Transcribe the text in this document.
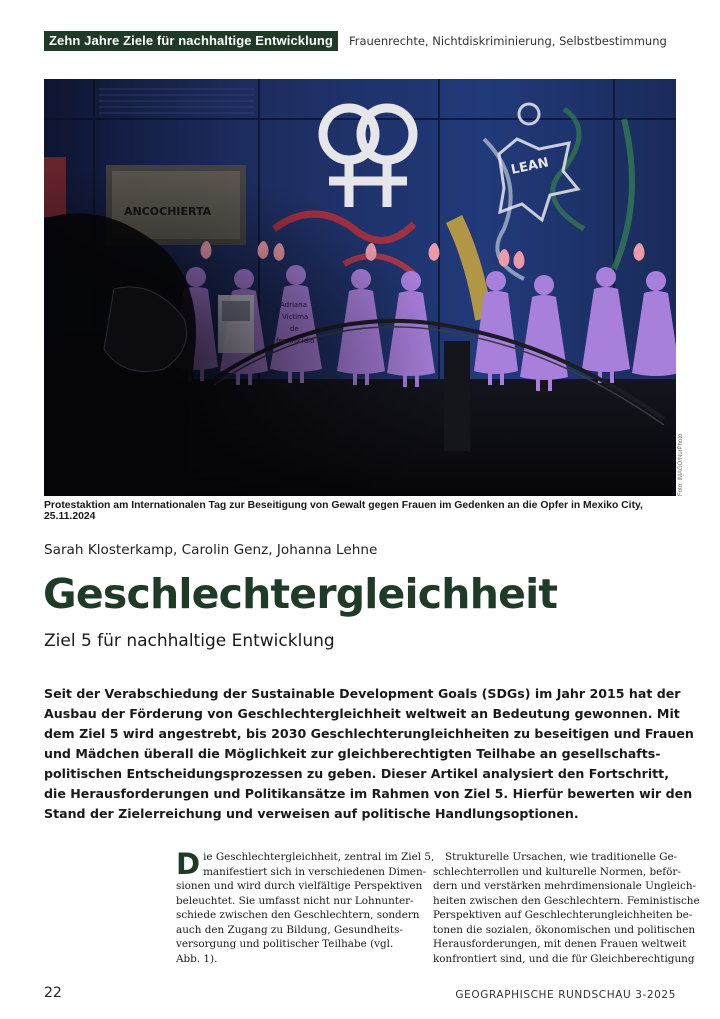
Zehn Jahre Ziele für nachhaltige Entwicklung	Frauenrechte, Nichtdiskriminierung, Selbstbestimmung
Foto: IMAGO/NurPhoto
Protestaktion am Internationalen Tag zur Beseitigung von Gewalt gegen Frauen im Gedenken an die Opfer in Mexiko City, 25.11.2024
Sarah Klosterkamp, Carolin Genz, Johanna Lehne
Geschlechtergleichheit
Ziel 5 für nachhaltige Entwicklung
Seit der Verabschiedung der Sustainable Development Goals (SDGs) im Jahr 2015 hat der
Ausbau der Förderung von Geschlechtergleichheit weltweit an Bedeutung gewonnen. Mit
dem Ziel 5 wird angestrebt, bis 2030 Geschlechterungleichheiten zu beseitigen und Frauen
und Mädchen überall die Möglichkeit zur gleichberechtigten Teilhabe an gesellschafts-
politischen Entscheidungsprozessen zu geben. Dieser Artikel analysiert den Fortschritt,
die Herausforderungen und Politikansätze im Rahmen von Ziel 5. Hierfür bewerten wir den
Stand der Zielerreichung und verweisen auf politische Handlungsoptionen.
D ie Geschlechtergleichheit, zentral im Ziel 5,
manifestiert sich in verschiedenen Dimen-
sionen und wird durch vielfältige Perspektiven
beleuchtet. Sie umfasst nicht nur Lohnunter-
schiede zwischen den Geschlechtern, sondern
auch den Zugang zu Bildung, Gesundheits-
versorgung und politischer Teilhabe (vgl.
Abb. 1).
Strukturelle Ursachen, wie traditionelle Ge-
schlechterrollen und kulturelle Normen, beför-
dern und verstärken mehrdimensionale Ungleich-
heiten zwischen den Geschlechtern. Feministische
Perspektiven auf Geschlechterungleichheiten be-
tonen die sozialen, ökonomischen und politischen
Herausforderungen, mit denen Frauen weltweit
konfrontiert sind, und die für Gleichberechtigung
22	GEOGRAPHISCHE RUNDSCHAU 3-2025
